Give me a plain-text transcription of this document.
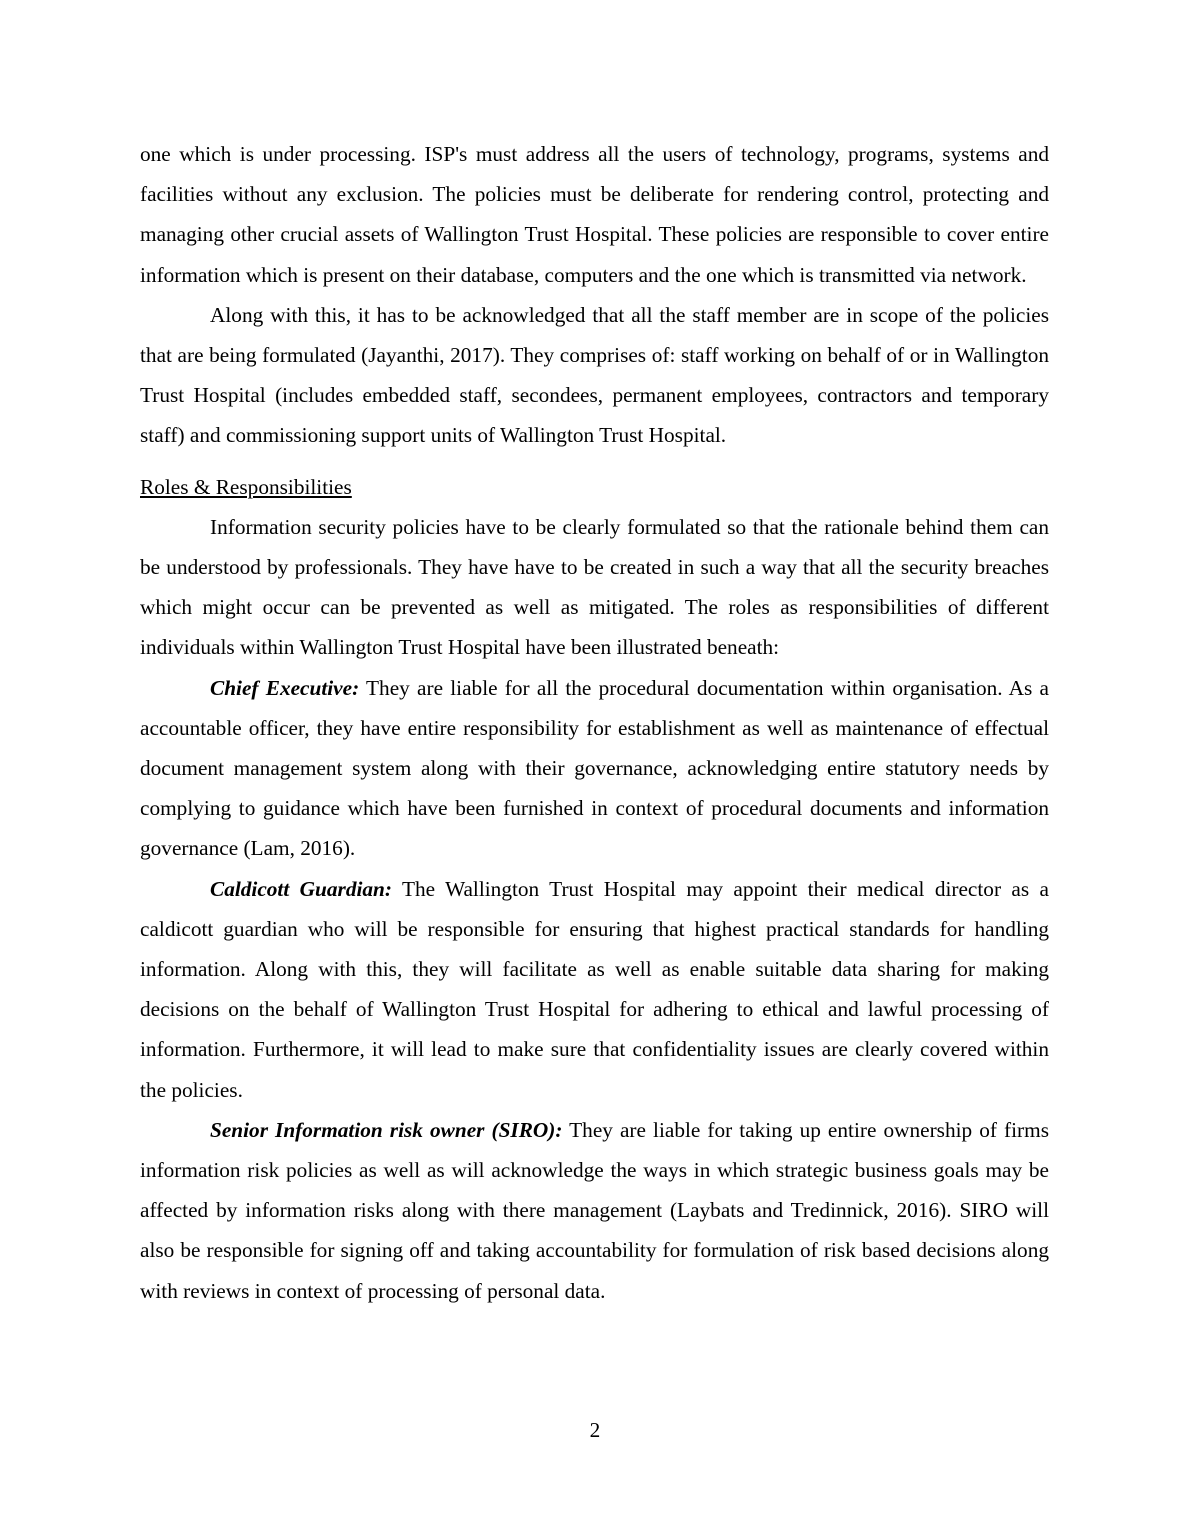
one which is under processing. ISP's must address all the users of technology, programs, systems and facilities without any exclusion. The policies must be deliberate for rendering control, protecting and managing other crucial assets of Wallington Trust Hospital. These policies are responsible to cover entire information which is present on their database, computers and the one which is transmitted via network.

Along with this, it has to be acknowledged that all the staff member are in scope of the policies that are being formulated (Jayanthi, 2017). They comprises of: staff working on behalf of or in Wallington Trust Hospital (includes embedded staff, secondees, permanent employees, contractors and temporary staff) and commissioning support units of Wallington Trust Hospital.

Roles & Responsibilities

Information security policies have to be clearly formulated so that the rationale behind them can be understood by professionals. They have have to be created in such a way that all the security breaches which might occur can be prevented as well as mitigated. The roles as responsibilities of different individuals within Wallington Trust Hospital have been illustrated beneath:

Chief Executive: They are liable for all the procedural documentation within organisation. As a accountable officer, they have entire responsibility for establishment as well as maintenance of effectual document management system along with their governance, acknowledging entire statutory needs by complying to guidance which have been furnished in context of procedural documents and information governance (Lam, 2016).

Caldicott Guardian: The Wallington Trust Hospital may appoint their medical director as a caldicott guardian who will be responsible for ensuring that highest practical standards for handling information. Along with this, they will facilitate as well as enable suitable data sharing for making decisions on the behalf of Wallington Trust Hospital for adhering to ethical and lawful processing of information. Furthermore, it will lead to make sure that confidentiality issues are clearly covered within the policies.

Senior Information risk owner (SIRO): They are liable for taking up entire ownership of firms information risk policies as well as will acknowledge the ways in which strategic business goals may be affected by information risks along with there management (Laybats and Tredinnick, 2016). SIRO will also be responsible for signing off and taking accountability for formulation of risk based decisions along with reviews in context of processing of personal data.

2
